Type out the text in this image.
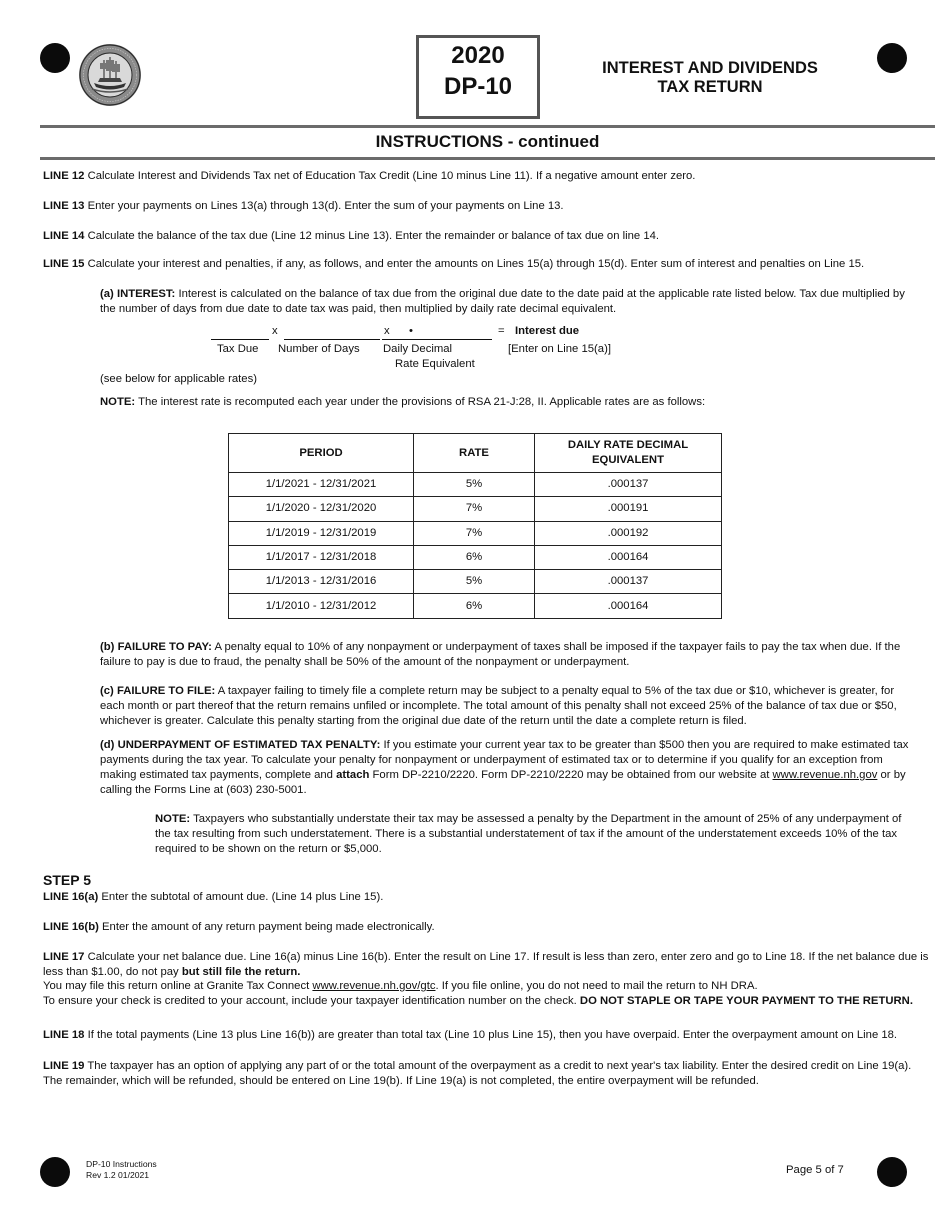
2020
DP-10
INTEREST AND DIVIDENDS
TAX RETURN
INSTRUCTIONS - continued

LINE 12 Calculate Interest and Dividends Tax net of Education Tax Credit (Line 10 minus Line 11). If a negative amount enter zero.

LINE 13 Enter your payments on Lines 13(a) through 13(d). Enter the sum of your payments on Line 13.

LINE 14 Calculate the balance of the tax due (Line 12 minus Line 13). Enter the remainder or balance of tax due on line 14.

LINE 15 Calculate your interest and penalties, if any, as follows, and enter the amounts on Lines 15(a) through 15(d). Enter sum of interest and penalties on Line 15.

(a) INTEREST: Interest is calculated on the balance of tax due from the original due date to the date paid at the applicable rate listed below. Tax due multiplied by the number of days from due date to date tax was paid, then multiplied by daily rate decimal equivalent.

x	x •	= Interest due
Tax Due Number of Days Daily Decimal
Rate Equivalent
[Enter on Line 15(a)]

(see below for applicable rates)

NOTE: The interest rate is recomputed each year under the provisions of RSA 21-J:28, II. Applicable rates are as follows:

PERIOD	RATE	DAILY RATE DECIMAL
EQUIVALENT
1/1/2021 - 12/31/2021	5%	.000137
1/1/2020 - 12/31/2020	7%	.000191
1/1/2019 - 12/31/2019	7%	.000192
1/1/2017 - 12/31/2018	6%	.000164
1/1/2013 - 12/31/2016	5%	.000137
1/1/2010 - 12/31/2012	6%	.000164

(b) FAILURE TO PAY: A penalty equal to 10% of any nonpayment or underpayment of taxes shall be imposed if the taxpayer fails to pay the tax when due. If the failure to pay is due to fraud, the penalty shall be 50% of the amount of the nonpayment or underpayment.

(c) FAILURE TO FILE: A taxpayer failing to timely file a complete return may be subject to a penalty equal to 5% of the tax due or $10, whichever is greater, for each month or part thereof that the return remains unfiled or incomplete. The total amount of this penalty shall not exceed 25% of the balance of tax due or $50, whichever is greater. Calculate this penalty starting from the original due date of the return until the date a complete return is filed.

(d) UNDERPAYMENT OF ESTIMATED TAX PENALTY: If you estimate your current year tax to be greater than $500 then you are required to make estimated tax payments during the tax year. To calculate your penalty for nonpayment or underpayment of estimated tax or to determine if you qualify for an exception from making estimated tax payments, complete and attach Form DP-2210/2220. Form DP-2210/2220 may be obtained from our website at www.revenue.nh.gov or by calling the Forms Line at (603) 230-5001.

NOTE: Taxpayers who substantially understate their tax may be assessed a penalty by the Department in the amount of 25% of any underpayment of the tax resulting from such understatement. There is a substantial understatement of tax if the amount of the understatement exceeds 10% of the tax required to be shown on the return or $5,000.

STEP 5

LINE 16(a) Enter the subtotal of amount due. (Line 14 plus Line 15).

LINE 16(b) Enter the amount of any return payment being made electronically.

LINE 17 Calculate your net balance due. Line 16(a) minus Line 16(b). Enter the result on Line 17. If result is less than zero, enter zero and go to Line 18. If the net balance due is less than $1.00, do not pay but still file the return.

You may file this return online at Granite Tax Connect www.revenue.nh.gov/gtc. If you file online, you do not need to mail the return to NH DRA.

To ensure your check is credited to your account, include your taxpayer identification number on the check. DO NOT STAPLE OR TAPE YOUR PAYMENT TO THE RETURN.

LINE 18 If the total payments (Line 13 plus Line 16(b)) are greater than total tax (Line 10 plus Line 15), then you have overpaid. Enter the overpayment amount on Line 18.

LINE 19 The taxpayer has an option of applying any part of or the total amount of the overpayment as a credit to next year's tax liability. Enter the desired credit on Line 19(a). The remainder, which will be refunded, should be entered on Line 19(b). If Line 19(a) is not completed, the entire overpayment will be refunded.

DP-10 Instructions
Rev 1.2 01/2021	Page 5 of 7
